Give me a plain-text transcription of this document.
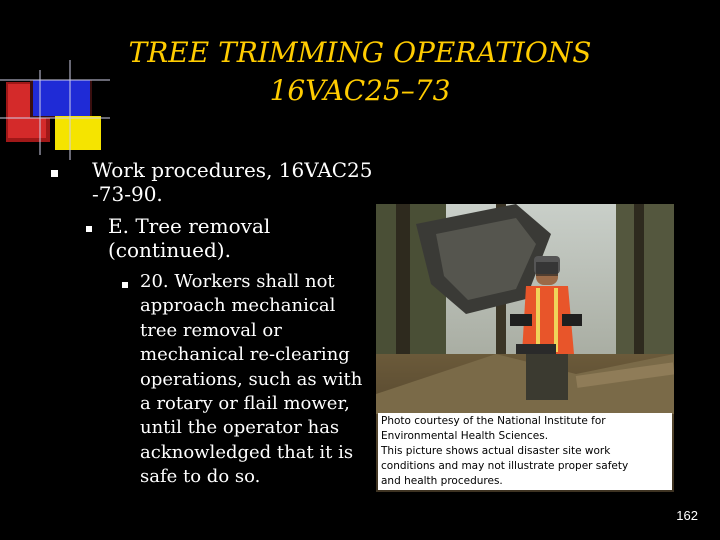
TREE TRIMMING OPERATIONS
16VAC25–73
Work procedures, 16VAC25
-73-90.
E. Tree removal
(continued).
20. Workers shall not
approach mechanical
tree removal or
mechanical re-clearing
operations, such as with
a rotary or flail mower,
until the operator has
acknowledged that it is
safe to do so.
Photo courtesy of the National Institute for
Environmental Health Sciences.
This picture shows actual disaster site work
conditions and may not illustrate proper safety
and health procedures.
162
